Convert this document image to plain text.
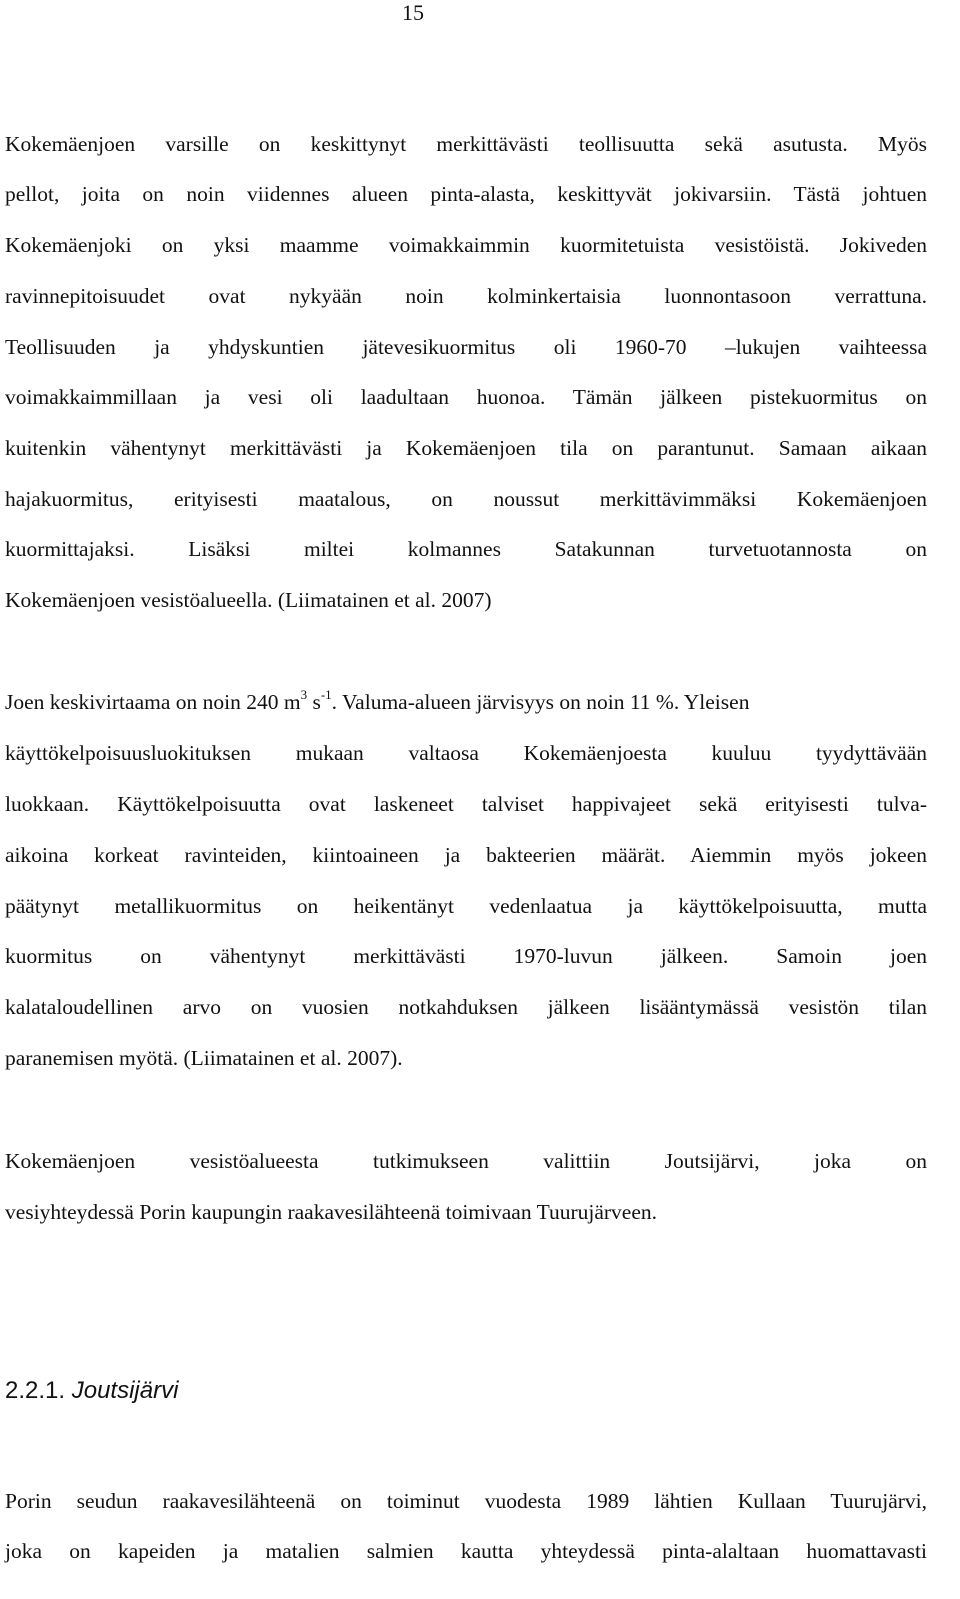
15
Kokemäenjoen varsille on keskittynyt merkittävästi teollisuutta sekä asutusta. Myös
pellot, joita on noin viidennes alueen pinta-alasta, keskittyvät jokivarsiin. Tästä johtuen
Kokemäenjoki on yksi maamme voimakkaimmin kuormitetuista vesistöistä. Jokiveden
ravinnepitoisuudet ovat nykyään noin kolminkertaisia luonnontasoon verrattuna.
Teollisuuden ja yhdyskuntien jätevesikuormitus oli 1960-70 –lukujen vaihteessa
voimakkaimmillaan ja vesi oli laadultaan huonoa. Tämän jälkeen pistekuormitus on
kuitenkin vähentynyt merkittävästi ja Kokemäenjoen tila on parantunut. Samaan aikaan
hajakuormitus, erityisesti maatalous, on noussut merkittävimmäksi Kokemäenjoen
kuormittajaksi. Lisäksi miltei kolmannes Satakunnan turvetuotannosta on
Kokemäenjoen vesistöalueella. (Liimatainen et al. 2007)
Joen keskivirtaama on noin 240 $m^3$ $s^{-1}$. Valuma-alueen järvisyys on noin 11 %. Yleisen
käyttökelpoisuusluokituksen mukaan valtaosa Kokemäenjoesta kuuluu tyydyttävään
luokkaan. Käyttökelpoisuutta ovat laskeneet talviset happivajeet sekä erityisesti tulva-
aikoina korkeat ravinteiden, kiintoaineen ja bakteerien määrät. Aiemmin myös jokeen
päätynyt metallikuormitus on heikentänyt vedenlaatua ja käyttökelpoisuutta, mutta
kuormitus on vähentynyt merkittävästi 1970-luvun jälkeen. Samoin joen
kalataloudellinen arvo on vuosien notkahduksen jälkeen lisääntymässä vesistön tilan
paranemisen myötä. (Liimatainen et al. 2007).
Kokemäenjoen vesistöalueesta tutkimukseen valittiin Joutsijärvi, joka on
vesiyhteydessä Porin kaupungin raakavesilähteenä toimivaan Tuurujärveen.
2.2.1. Joutsijärvi
Porin seudun raakavesilähteenä on toiminut vuodesta 1989 lähtien Kullaan Tuurujärvi,
joka on kapeiden ja matalien salmien kautta yhteydessä pinta-alaltaan huomattavasti
